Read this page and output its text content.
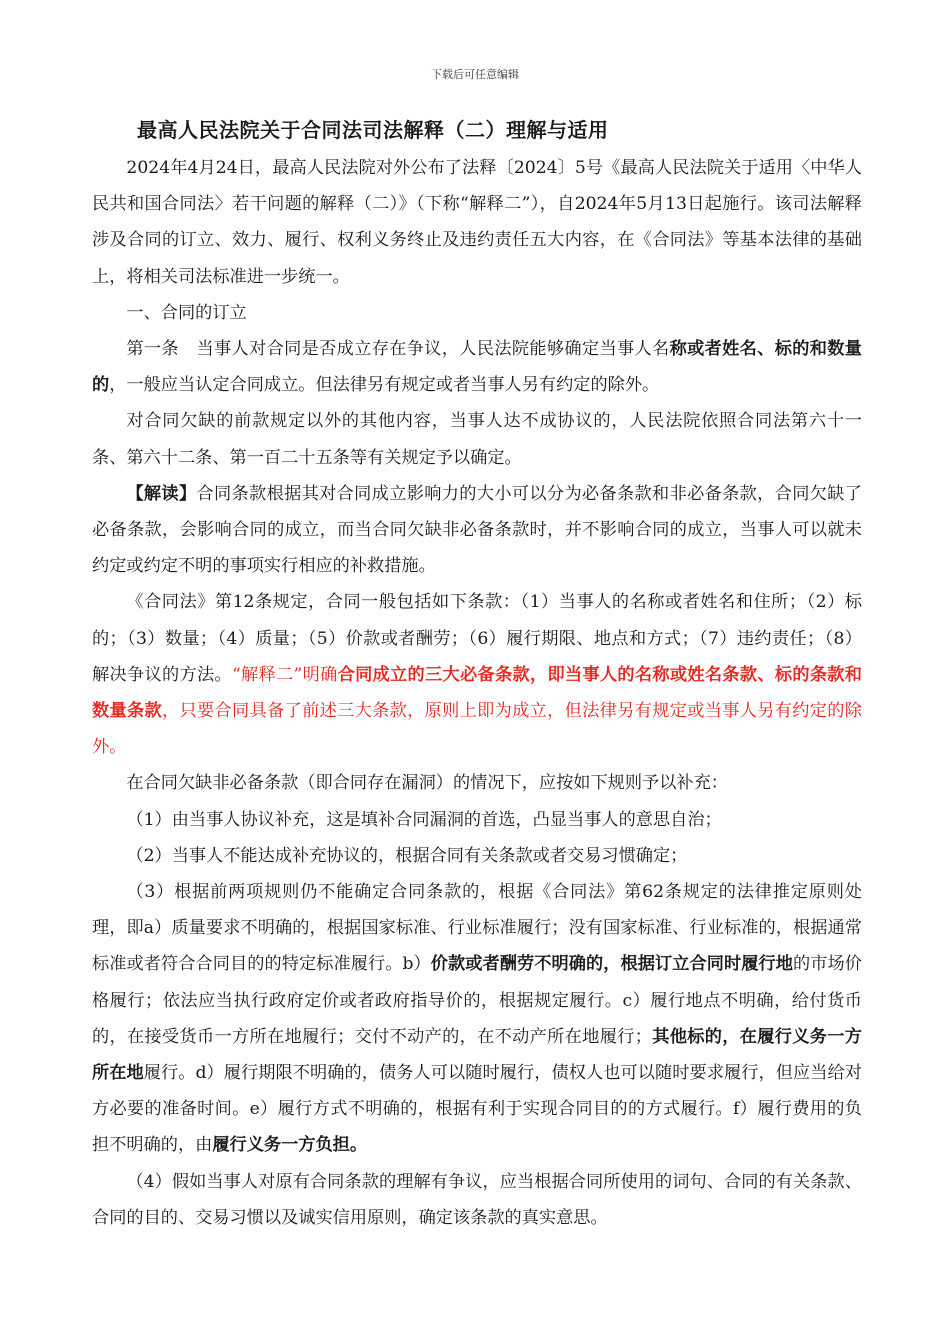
下载后可任意编辑
最高人民法院关于合同法司法解释（二）理解与适用

2024年4月24日，最高人民法院对外公布了法释〔2024〕5号《最高人民法院关于适用〈中华人民共和国合同法〉若干问题的解释（二）》（下称“解释二”），自2024年5月13日起施行。该司法解释涉及合同的订立、效力、履行、权利义务终止及违约责任五大内容，在《合同法》等基本法律的基础上，将相关司法标准进一步统一。

一、合同的订立

第一条　当事人对合同是否成立存在争议，人民法院能够确定当事人名称或者姓名、标的和数量的，一般应当认定合同成立。但法律另有规定或者当事人另有约定的除外。

对合同欠缺的前款规定以外的其他内容，当事人达不成协议的，人民法院依照合同法第六十一条、第六十二条、第一百二十五条等有关规定予以确定。

【解读】合同条款根据其对合同成立影响力的大小可以分为必备条款和非必备条款，合同欠缺了必备条款，会影响合同的成立，而当合同欠缺非必备条款时，并不影响合同的成立，当事人可以就未约定或约定不明的事项实行相应的补救措施。

《合同法》第12条规定，合同一般包括如下条款：（1）当事人的名称或者姓名和住所；（2）标的；（3）数量；（4）质量；（5）价款或者酬劳；（6）履行期限、地点和方式；（7）违约责任；（8）解决争议的方法。“解释二”明确合同成立的三大必备条款，即当事人的名称或姓名条款、标的条款和数量条款，只要合同具备了前述三大条款，原则上即为成立，但法律另有规定或当事人另有约定的除外。

在合同欠缺非必备条款（即合同存在漏洞）的情况下，应按如下规则予以补充：

（1）由当事人协议补充，这是填补合同漏洞的首选，凸显当事人的意思自治；

（2）当事人不能达成补充协议的，根据合同有关条款或者交易习惯确定；

（3）根据前两项规则仍不能确定合同条款的，根据《合同法》第62条规定的法律推定原则处理，即a）质量要求不明确的，根据国家标准、行业标准履行；没有国家标准、行业标准的，根据通常标准或者符合合同目的的特定标准履行。b）价款或者酬劳不明确的，根据订立合同时履行地的市场价格履行；依法应当执行政府定价或者政府指导价的，根据规定履行。c）履行地点不明确，给付货币的，在接受货币一方所在地履行；交付不动产的，在不动产所在地履行；其他标的，在履行义务一方所在地履行。d）履行期限不明确的，债务人可以随时履行，债权人也可以随时要求履行，但应当给对方必要的准备时间。e）履行方式不明确的，根据有利于实现合同目的的方式履行。f）履行费用的负担不明确的，由履行义务一方负担。

（4）假如当事人对原有合同条款的理解有争议，应当根据合同所使用的词句、合同的有关条款、合同的目的、交易习惯以及诚实信用原则，确定该条款的真实意思。
